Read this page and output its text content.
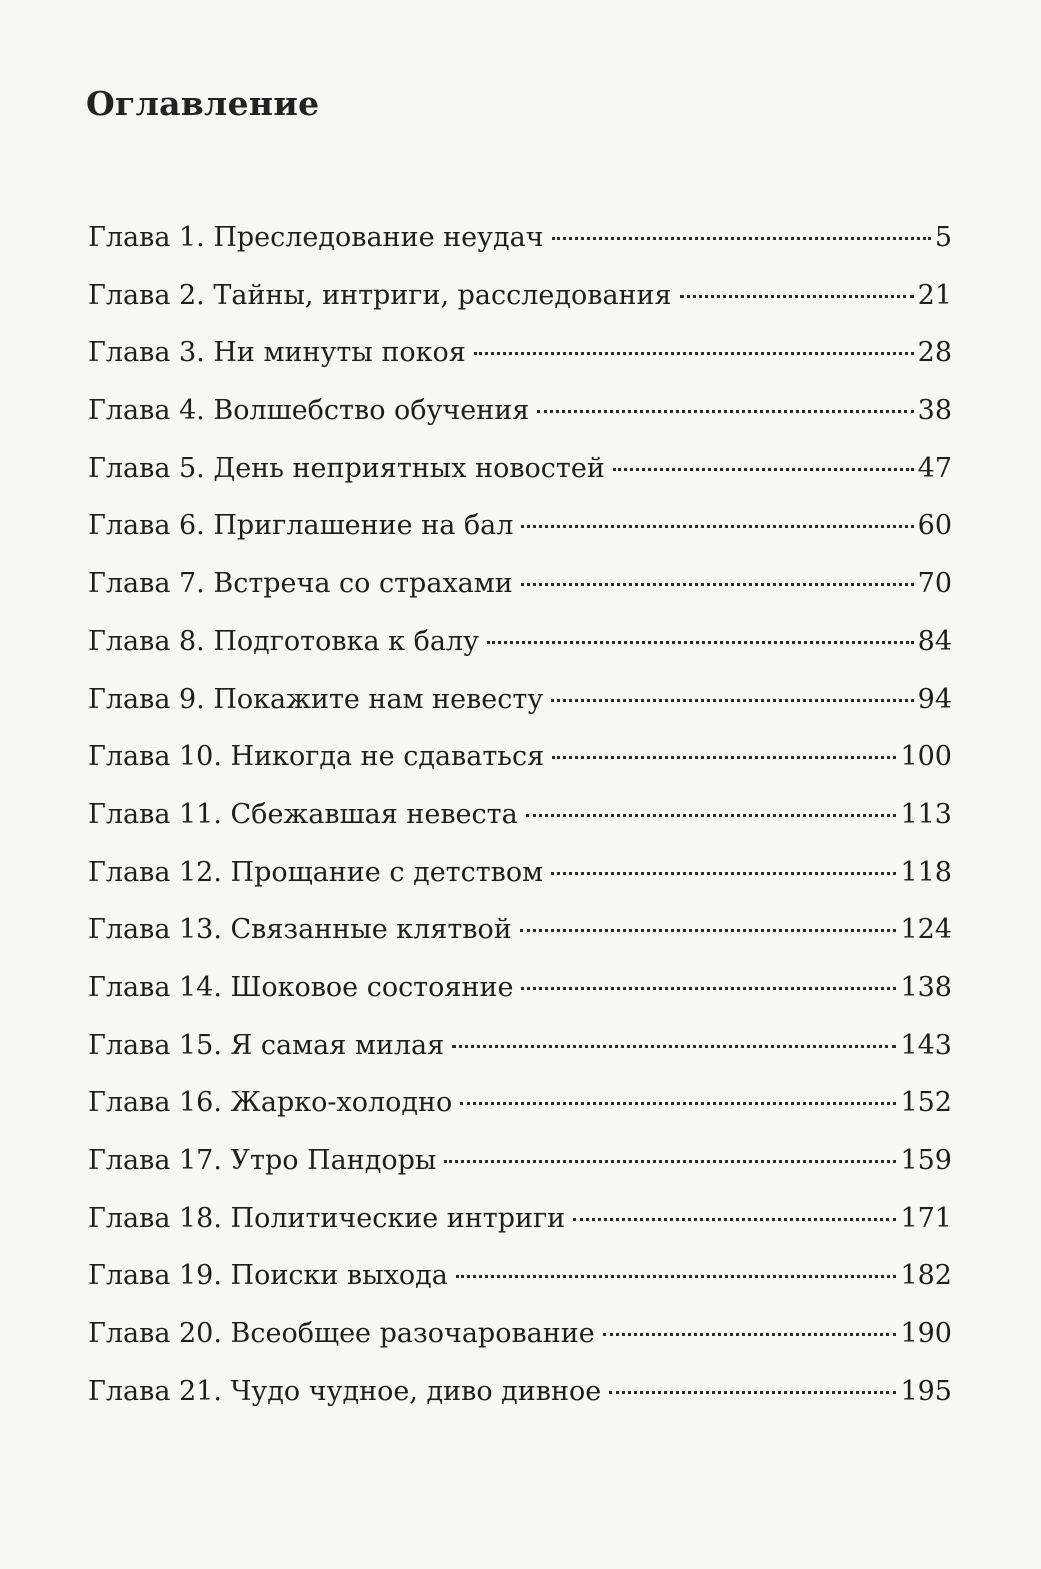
Оглавление
Глава 1. Преследование неудач	5
Глава 2. Тайны, интриги, расследования	21
Глава 3. Ни минуты покоя	28
Глава 4. Волшебство обучения	38
Глава 5. День неприятных новостей	47
Глава 6. Приглашение на бал	60
Глава 7. Встреча со страхами	70
Глава 8. Подготовка к балу	84
Глава 9. Покажите нам невесту	94
Глава 10. Никогда не сдаваться	100
Глава 11. Сбежавшая невеста	113
Глава 12. Прощание с детством	118
Глава 13. Связанные клятвой	124
Глава 14. Шоковое состояние	138
Глава 15. Я самая милая	143
Глава 16. Жарко-холодно	152
Глава 17. Утро Пандоры	159
Глава 18. Политические интриги	171
Глава 19. Поиски выхода	182
Глава 20. Всеобщее разочарование	190
Глава 21. Чудо чудное, диво дивное	195
